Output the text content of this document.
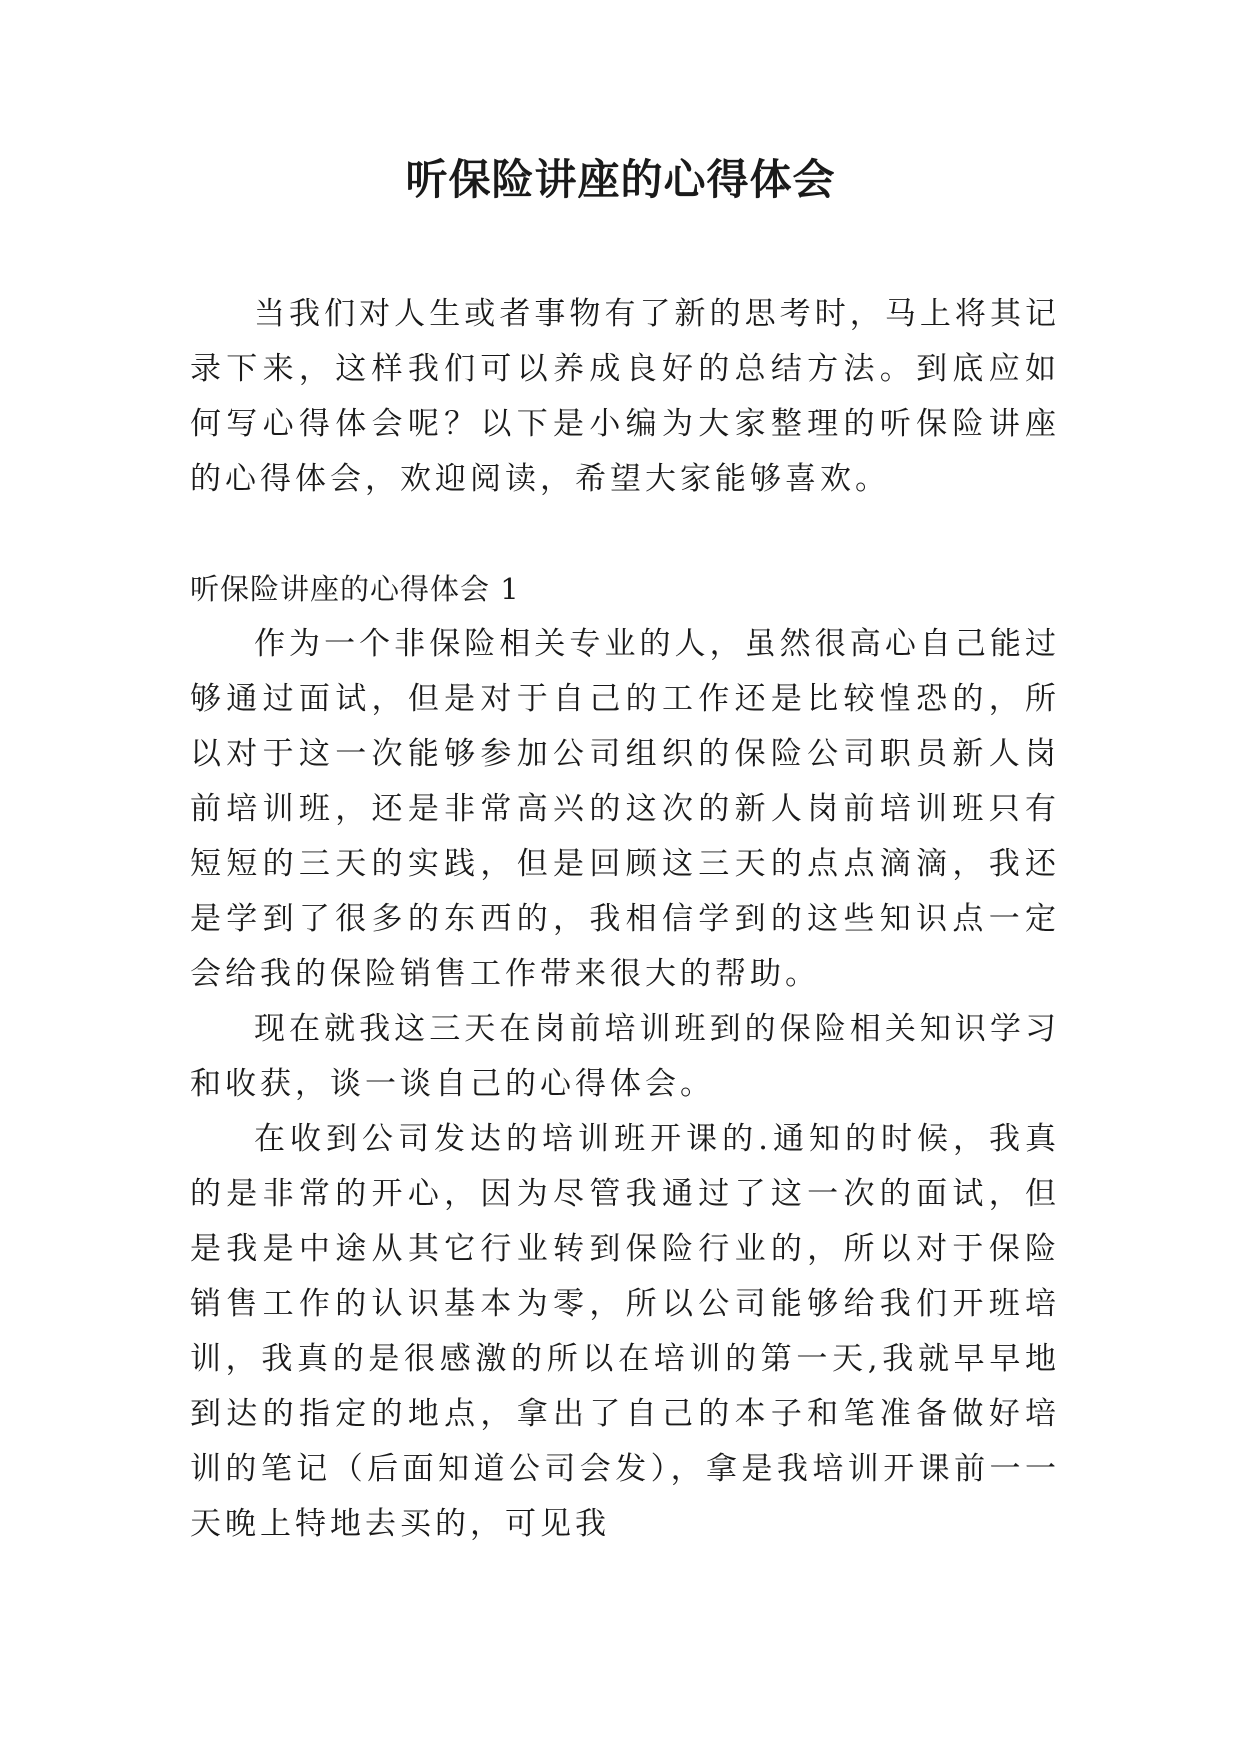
听保险讲座的心得体会

当我们对人生或者事物有了新的思考时，马上将其记录下来，这样我们可以养成良好的总结方法。到底应如何写心得体会呢？以下是小编为大家整理的听保险讲座的心得体会，欢迎阅读，希望大家能够喜欢。

听保险讲座的心得体会 1

作为一个非保险相关专业的人，虽然很高心自己能过够通过面试，但是对于自己的工作还是比较惶恐的，所以对于这一次能够参加公司组织的保险公司职员新人岗前培训班，还是非常高兴的这次的新人岗前培训班只有短短的三天的实践，但是回顾这三天的点点滴滴，我还是学到了很多的东西的，我相信学到的这些知识点一定会给我的保险销售工作带来很大的帮助。

现在就我这三天在岗前培训班到的保险相关知识学习和收获，谈一谈自己的心得体会。

在收到公司发达的培训班开课的.通知的时候，我真的是非常的开心，因为尽管我通过了这一次的面试，但是我是中途从其它行业转到保险行业的，所以对于保险销售工作的认识基本为零，所以公司能够给我们开班培训，我真的是很感激的所以在培训的第一天,我就早早地到达的指定的地点，拿出了自己的本子和笔准备做好培训的笔记（后面知道公司会发），拿是我培训开课前一一天晚上特地去买的，可见我
